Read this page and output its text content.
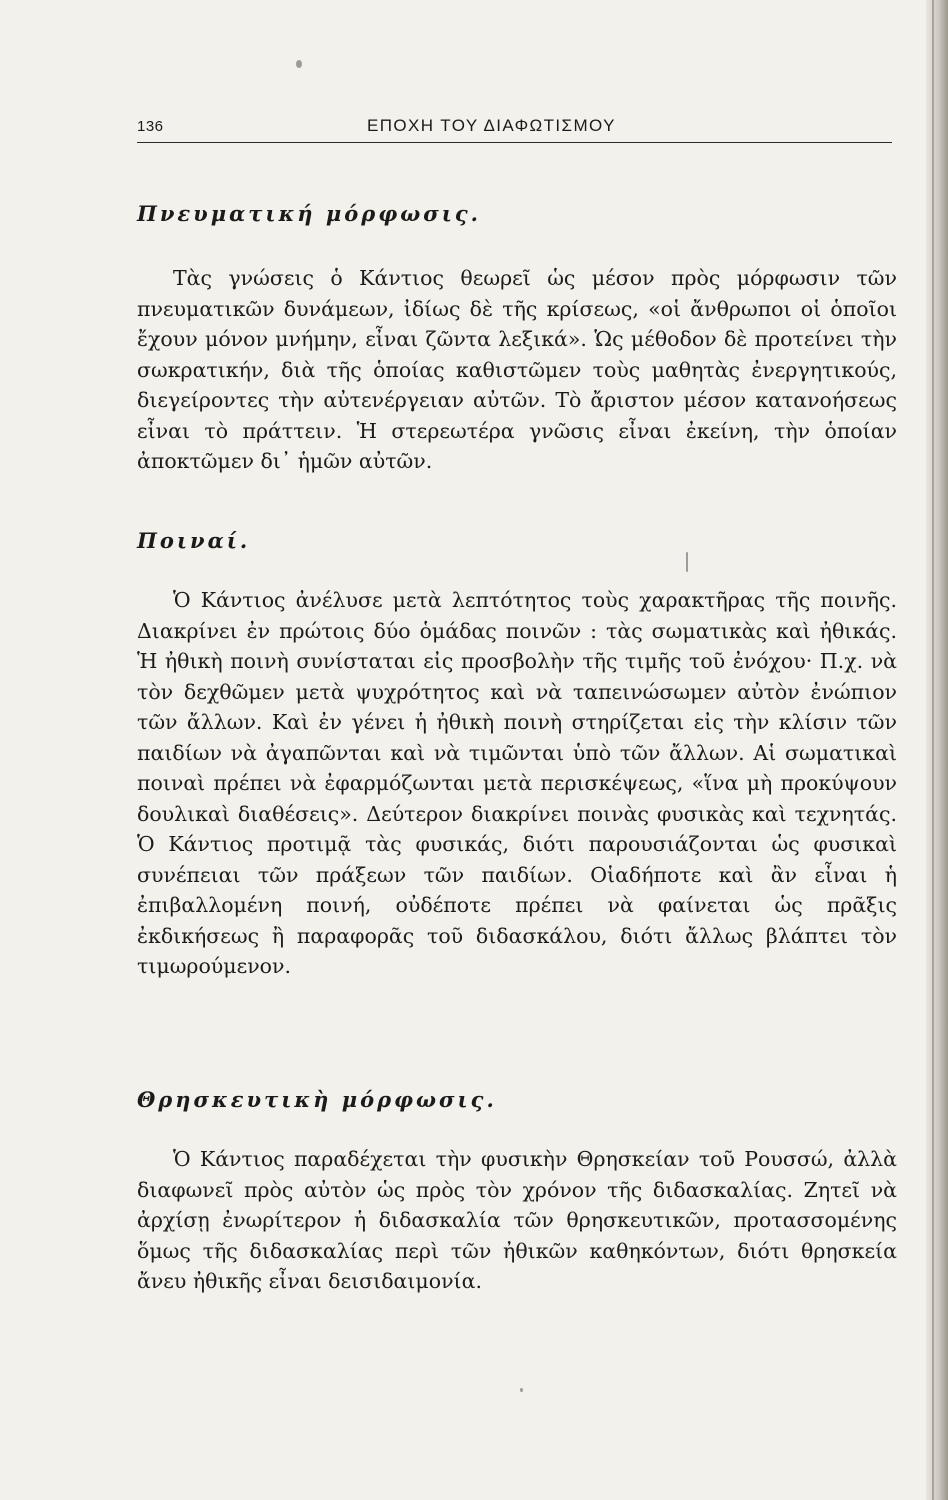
136	ΕΠΟΧΗ ΤΟΥ ΔΙΑΦΩΤΙΣΜΟΥ
Πνευματική μόρφωσις.

Τὰς γνώσεις ὁ Κάντιος θεωρεῖ ὡς μέσον πρὸς μόρφωσιν τῶν πνευματικῶν δυνάμεων, ἰδίως δὲ τῆς κρίσεως, «οἱ ἄνθρωποι οἱ ὁποῖοι ἔχουν μόνον μνήμην, εἶναι ζῶντα λεξικά». Ὡς μέθοδον δὲ προτείνει τὴν σωκρατικήν, διὰ τῆς ὁποίας καθιστῶμεν τοὺς μαθητὰς ἐνεργητικούς, διεγείροντες τὴν αὐτενέργειαν αὐτῶν. Τὸ ἄριστον μέσον κατανοήσεως εἶναι τὸ πράττειν. Ἡ στερεωτέρα γνῶσις εἶναι ἐκείνη, τὴν ὁποίαν ἀποκτῶμεν δι᾽ ἡμῶν αὐτῶν.

Ποιναί.

Ὁ Κάντιος ἀνέλυσε μετὰ λεπτότητος τοὺς χαρακτῆρας τῆς ποινῆς. Διακρίνει ἐν πρώτοις δύο ὁμάδας ποινῶν : τὰς σωματικὰς καὶ ἠθικάς. Ἡ ἠθικὴ ποινὴ συνίσταται εἰς προσβολὴν τῆς τιμῆς τοῦ ἐνόχου· Π.χ. νὰ τὸν δεχθῶμεν μετὰ ψυχρότητος καὶ νὰ ταπεινώσωμεν αὐτὸν ἐνώπιον τῶν ἄλλων. Καὶ ἐν γένει ἡ ἠθικὴ ποινὴ στηρίζεται εἰς τὴν κλίσιν τῶν παιδίων νὰ ἀγαπῶνται καὶ νὰ τιμῶνται ὑπὸ τῶν ἄλλων. Αἱ σωματικαὶ ποιναὶ πρέπει νὰ ἐφαρμόζωνται μετὰ περισκέψεως, «ἵνα μὴ προκύψουν δουλικαὶ διαθέσεις». Δεύτερον διακρίνει ποινὰς φυσικὰς καὶ τεχνητάς. Ὁ Κάντιος προτιμᾷ τὰς φυσικάς, διότι παρουσιάζονται ὡς φυσικαὶ συνέπειαι τῶν πράξεων τῶν παιδίων. Οἱαδήποτε καὶ ἂν εἶναι ἡ ἐπιβαλλομένη ποινή, οὐδέποτε πρέπει νὰ φαίνεται ὡς πρᾶξις ἐκδικήσεως ἢ παραφορᾶς τοῦ διδασκάλου, διότι ἄλλως βλάπτει τὸν τιμωρούμενον.

Θρησκευτικὴ μόρφωσις.

Ὁ Κάντιος παραδέχεται τὴν φυσικὴν Θρησκείαν τοῦ Ρουσσώ, ἀλλὰ διαφωνεῖ πρὸς αὐτὸν ὡς πρὸς τὸν χρόνον τῆς διδασκαλίας. Ζητεῖ νὰ ἀρχίσῃ ἐνωρίτερον ἡ διδασκαλία τῶν θρησκευτικῶν, προτασσομένης ὅμως τῆς διδασκαλίας περὶ τῶν ἠθικῶν καθηκόντων, διότι θρησκεία ἄνευ ἠθικῆς εἶναι δεισιδαιμονία.
